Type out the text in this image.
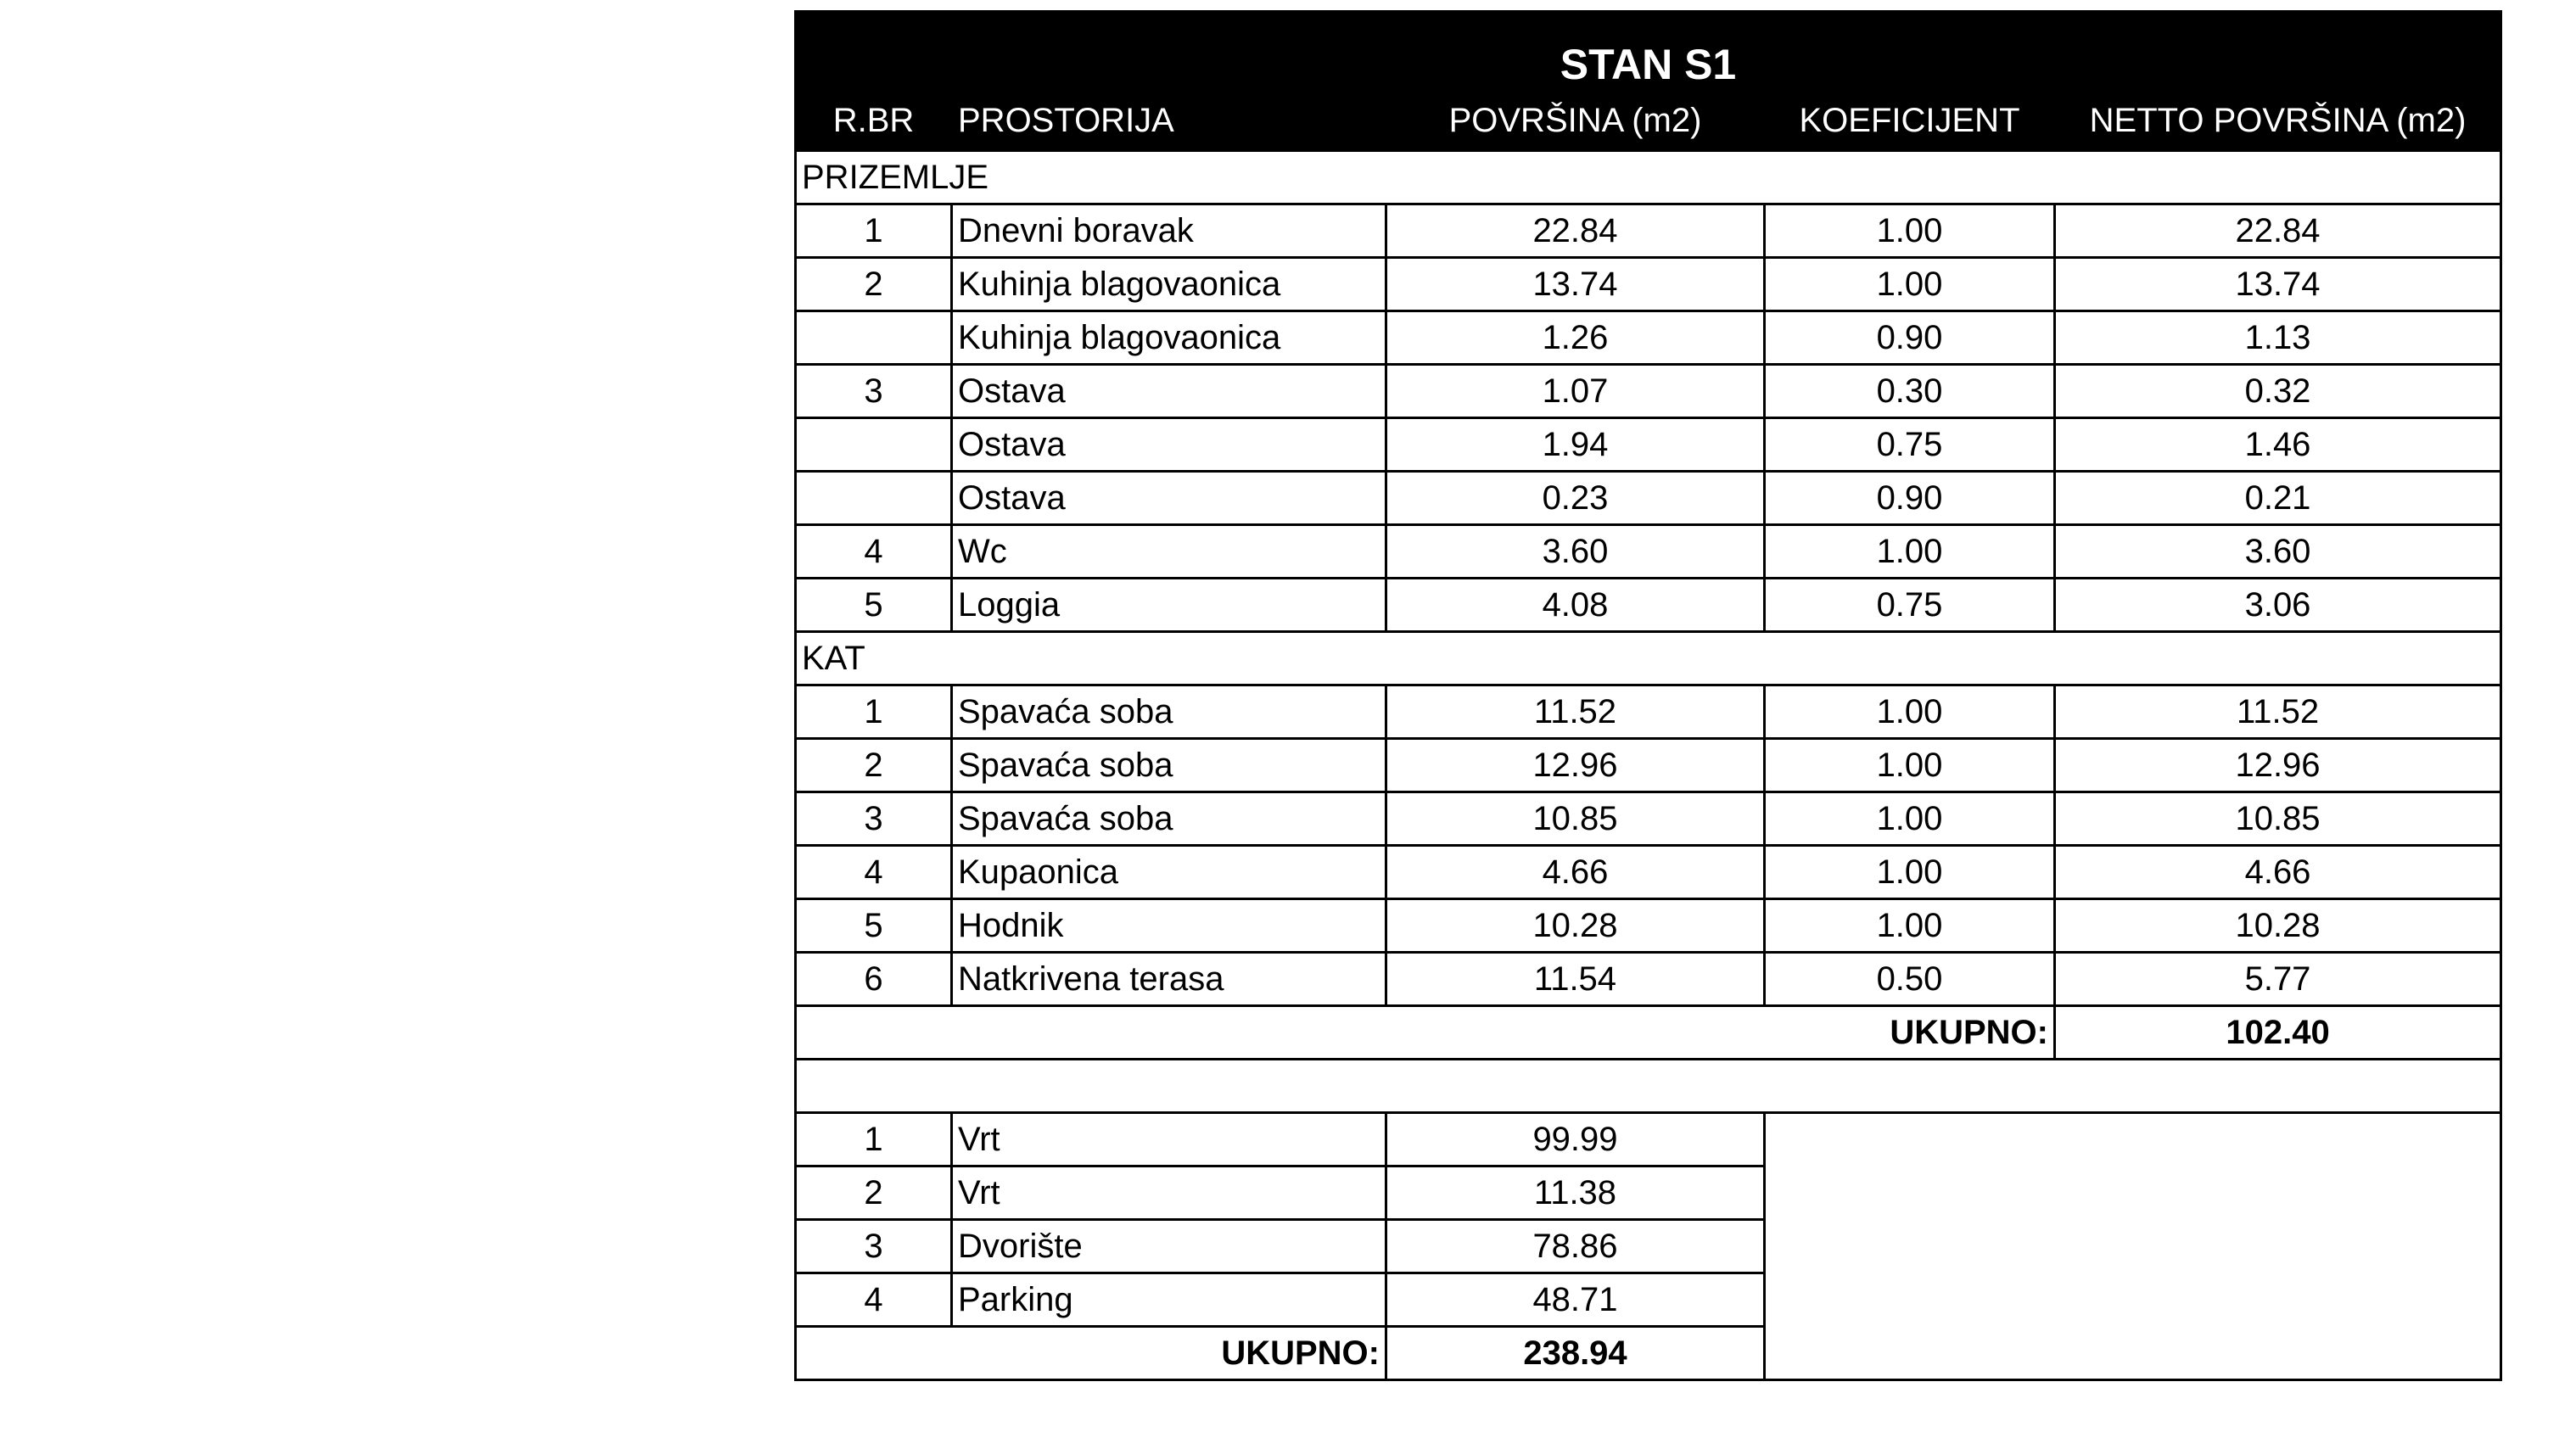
STAN S1				
R.BR	PROSTORIJA	POVRŠINA (m2)	KOEFICIJENT	NETTO POVRŠINA (m2)
PRIZEMLJE				
1	Dnevni boravak	22.84	1.00	22.84
2	Kuhinja blagovaonica	13.74	1.00	13.74
	Kuhinja blagovaonica	1.26	0.90	1.13
3	Ostava	1.07	0.30	0.32
	Ostava	1.94	0.75	1.46
	Ostava	0.23	0.90	0.21
4	Wc	3.60	1.00	3.60
5	Loggia	4.08	0.75	3.06
KAT				
1	Spavaća soba	11.52	1.00	11.52
2	Spavaća soba	12.96	1.00	12.96
3	Spavaća soba	10.85	1.00	10.85
4	Kupaonica	4.66	1.00	4.66
5	Hodnik	10.28	1.00	10.28
6	Natkrivena terasa	11.54	0.50	5.77
UKUPNO:				102.40

1	Vrt	99.99		
2	Vrt	11.38		
3	Dvorište	78.86		
4	Parking	48.71		
UKUPNO:		238.94		
